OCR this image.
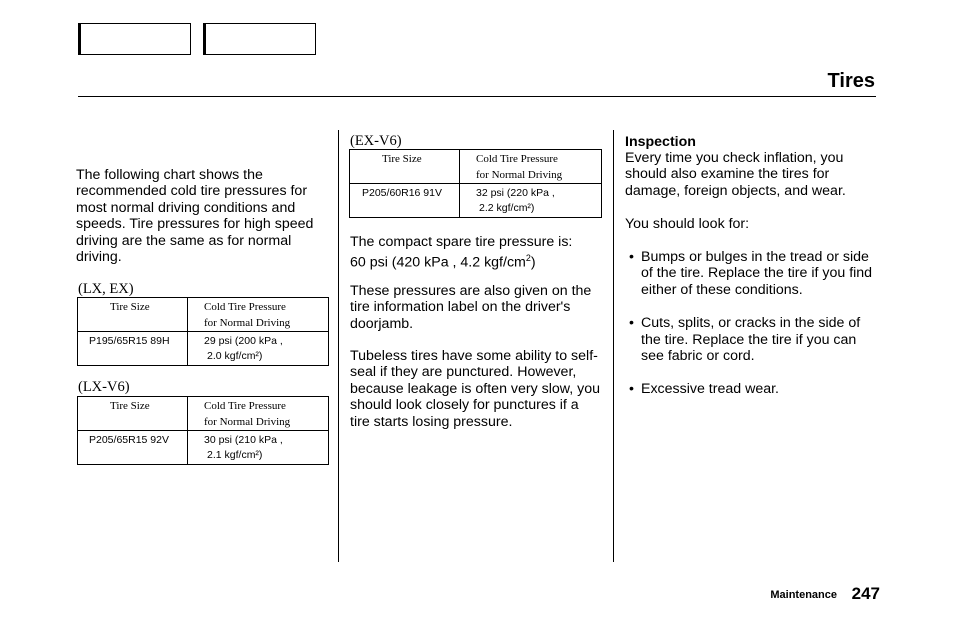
Tires
The following chart shows the recommended cold tire pressures for most normal driving conditions and speeds. Tire pressures for high speed driving are the same as for normal driving.
(LX, EX)
Tire Size	Cold Tire Pressure
for Normal Driving

P195/65R15 89H	29 psi (200 kPa ,
2.0 kgf/cm²)
(LX-V6)
Tire Size	Cold Tire Pressure
for Normal Driving

P205/65R15 92V	30 psi (210 kPa ,
2.1 kgf/cm²)
(EX-V6)
Tire Size	Cold Tire Pressure
for Normal Driving

P205/60R16 91V	32 psi (220 kPa ,
2.2 kgf/cm²)
The compact spare tire pressure is:
60 psi (420 kPa , 4.2 kgf/$cm^2$)
These pressures are also given on the tire information label on the driver's doorjamb.
Tubeless tires have some ability to self-seal if they are punctured. However, because leakage is often very slow, you should look closely for punctures if a tire starts losing pressure.
Inspection
Every time you check inflation, you should also examine the tires for damage, foreign objects, and wear.
You should look for:
• Bumps or bulges in the tread or side of the tire. Replace the tire if you find either of these conditions.
• Cuts, splits, or cracks in the side of the tire. Replace the tire if you can see fabric or cord.
• Excessive tread wear.
Maintenance 247
